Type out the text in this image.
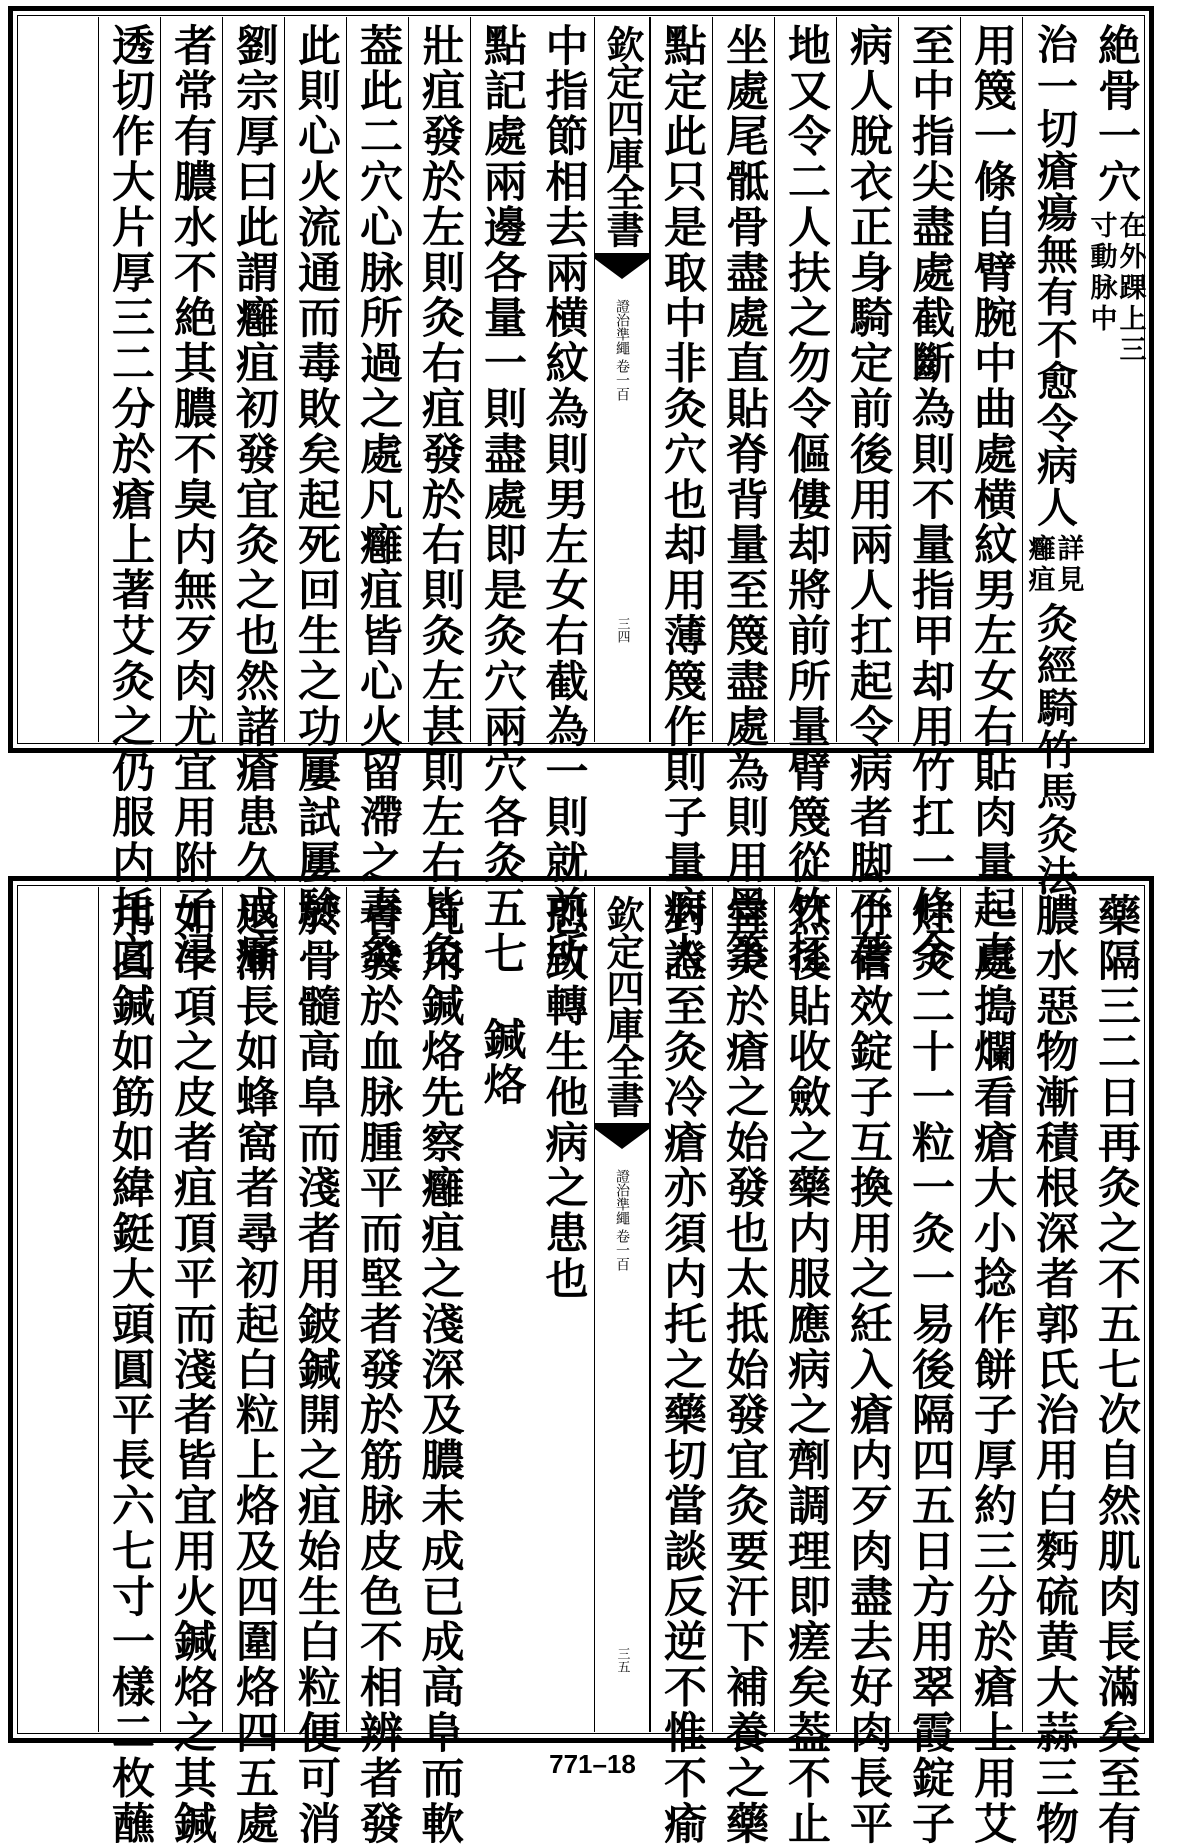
絶骨一穴
在外踝上三
寸動脉中
治一切瘡瘍無有不愈令病人
詳見
癰疽
灸經騎竹馬灸法
用篾一條自臂腕中曲處横紋男左女右貼肉量起直
至中指尖盡處截斷為則不量指甲却用竹扛一條令
病人脫衣正身騎定前後用兩人扛起令病者脚不著
地又令二人扶之勿令傴僂却將前所量臂篾從竹扛
坐處尾骶骨盡處直貼脊背量至篾盡處為則用墨筆
點定此只是取中非灸穴也却用薄篾作則子量病人
欽定四庫全書
證治準繩
卷一百
三四
中指節相去兩横紋為則男左女右截為一則就前所
點記處兩邊各量一則盡處即是灸穴兩穴各灸五七
壯疽發於左則灸右疽發於右則灸左甚則左右皆灸
葢此二穴心脉所過之處凡癰疽皆心火留滯之毒灸
此則心火流通而毒敗矣起死回生之功屢試屢驗
劉宗厚曰此謂癰疽初發宜灸之也然諸瘡患久成痛
者常有膿水不絶其膿不臭内無歹肉尤宜用附子浸
透切作大片厚三二分於瘡上著艾灸之仍服内托之
藥隔三二日再灸之不五七次自然肌肉長滿矣至有
膿水惡物漸積根深者郭氏治用白麪硫黄大蒜三物
一處搗爛看瘡大小捻作餅子厚約三分於瘡上用艾
炷灸二十一粒一灸一易後隔四五日方用翠霞錠子
併信效錠子互換用之紝入瘡内歹肉盡去好肉長平
然後貼收斂之藥内服應病之劑調理即瘥矣葢不止
宜灸於瘡之始發也太抵始發宜灸要汗下補養之藥
對證至灸冷瘡亦須内托之藥切當談反逆不惟不瘉
欽定四庫全書
證治準繩
卷一百
三五
恐致轉生他病之患也
鍼烙
凡用鍼烙先察癰疽之淺深及膿未成已成高阜而軟
者發於血脉腫平而堅者發於筋脉皮色不相辨者發
於骨髓高阜而淺者用鈹鍼開之疽始生白粒便可消
退漸長如蜂窩者尋初起白粒上烙及四圍烙四五處
如牛項之皮者疽頂平而淺者皆宜用火鍼烙之其鍼
用圓鍼如筯如緯鋌大頭圓平長六七寸一樣二枚蘸	771–18
